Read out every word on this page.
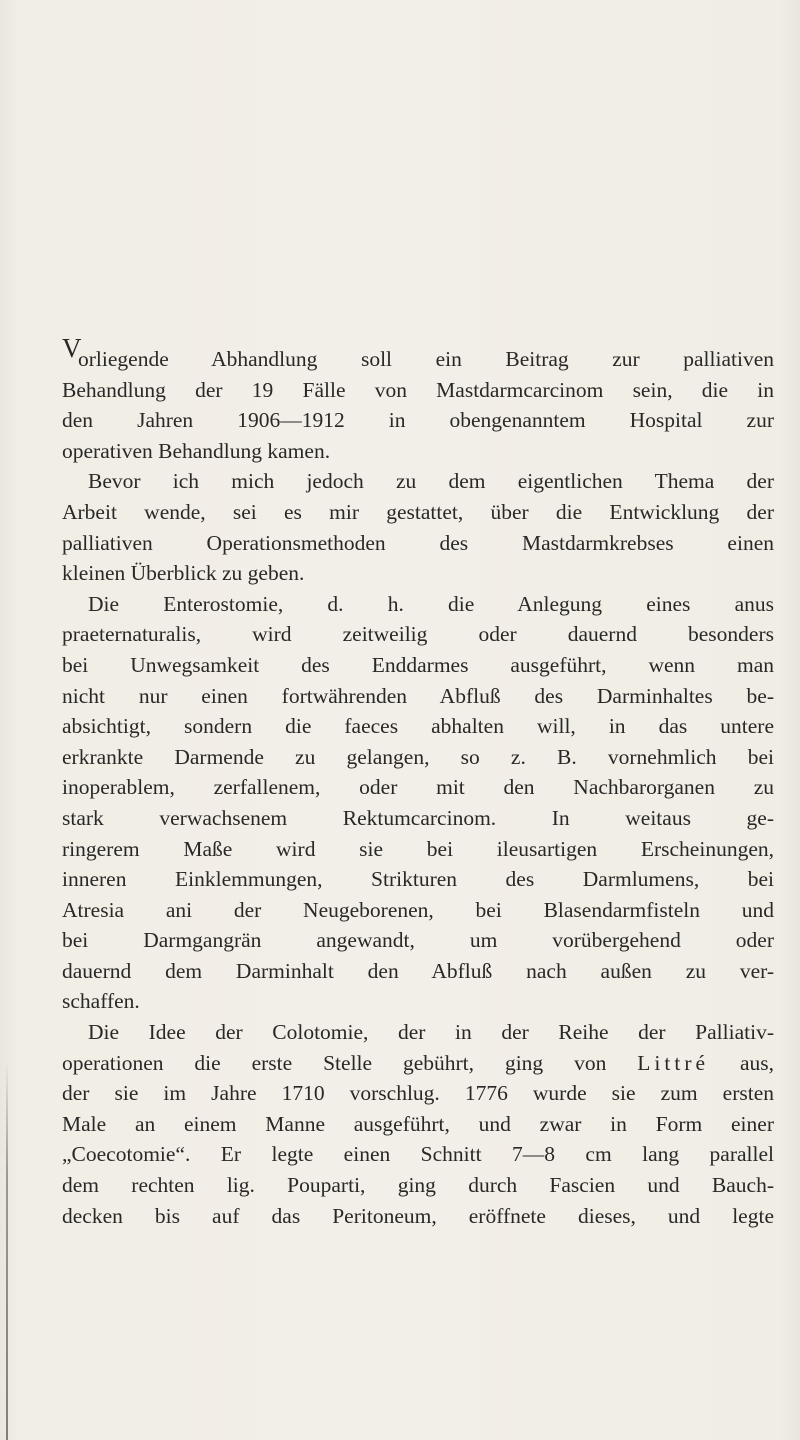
V
orliegende Abhandlung soll ein Beitrag zur palliativen
Behandlung der 19 Fälle von Mastdarmcarcinom sein, die in
den Jahren 1906—1912 in obengenanntem Hospital zur
operativen Behandlung kamen.
Bevor ich mich jedoch zu dem eigentlichen Thema der
Arbeit wende, sei es mir gestattet, über die Entwicklung der
palliativen Operationsmethoden des Mastdarmkrebses einen
kleinen Überblick zu geben.
Die Enterostomie, d. h. die Anlegung eines anus
praeternaturalis, wird zeitweilig oder dauernd besonders
bei Unwegsamkeit des Enddarmes ausgeführt, wenn man
nicht nur einen fortwährenden Abfluß des Darminhaltes be-
absichtigt, sondern die faeces abhalten will, in das untere
erkrankte Darmende zu gelangen, so z. B. vornehmlich bei
inoperablem, zerfallenem, oder mit den Nachbarorganen zu
stark verwachsenem Rektumcarcinom. In weitaus ge-
ringerem Maße wird sie bei ileusartigen Erscheinungen,
inneren Einklemmungen, Strikturen des Darmlumens, bei
Atresia ani der Neugeborenen, bei Blasendarmfisteln und
bei Darmgangrän angewandt, um vorübergehend oder
dauernd dem Darminhalt den Abfluß nach außen zu ver-
schaffen.
Die Idee der Colotomie, der in der Reihe der Palliativ-
operationen die erste Stelle gebührt, ging von Littré aus,
der sie im Jahre 1710 vorschlug. 1776 wurde sie zum ersten
Male an einem Manne ausgeführt, und zwar in Form einer
„Coecotomie“. Er legte einen Schnitt 7—8 cm lang parallel
dem rechten lig. Pouparti, ging durch Fascien und Bauch-
decken bis auf das Peritoneum, eröffnete dieses, und legte
